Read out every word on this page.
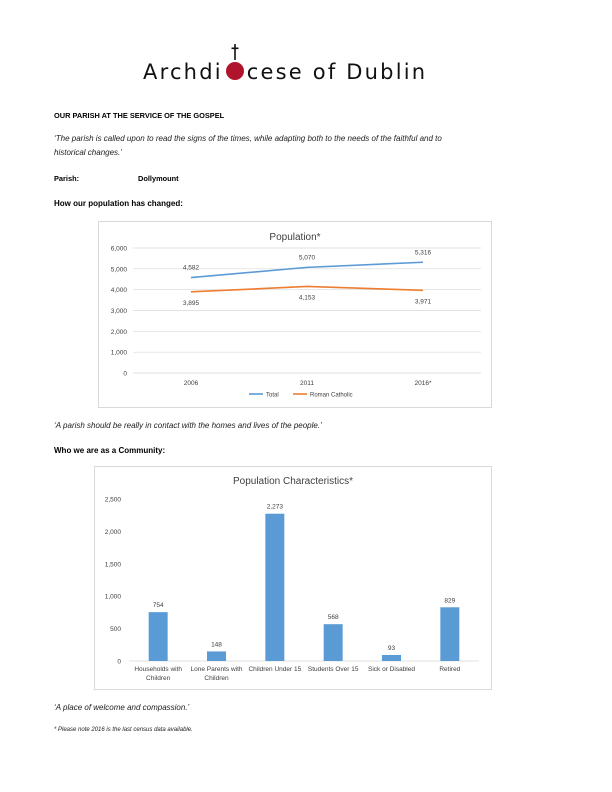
Archdi cese of Dublin
OUR PARISH AT THE SERVICE OF THE GOSPEL
‘The parish is called upon to read the signs of the times, while adapting both to the needs of the faithful and to
historical changes.’
Parish:	Dollymount
How our population has changed:
Population*
0
1,000
2,000
3,000
4,000
5,000
6,000
2006	2011	2016*
4,582
5,070
5,316
3,895
4,153
3,971
Total	Roman Catholic
‘A parish should be really in contact with the homes and lives of the people.’
Who we are as a Community:
Population Characteristics*
0
500
1,000
1,500
2,000
2,500
754
Households with
Children
148
Lone Parents with
Children
2,273
Children Under 15
568
Students Over 15
93
Sick or Disabled
829
Retired
‘A place of welcome and compassion.’
* Please note 2016 is the last census data available.
